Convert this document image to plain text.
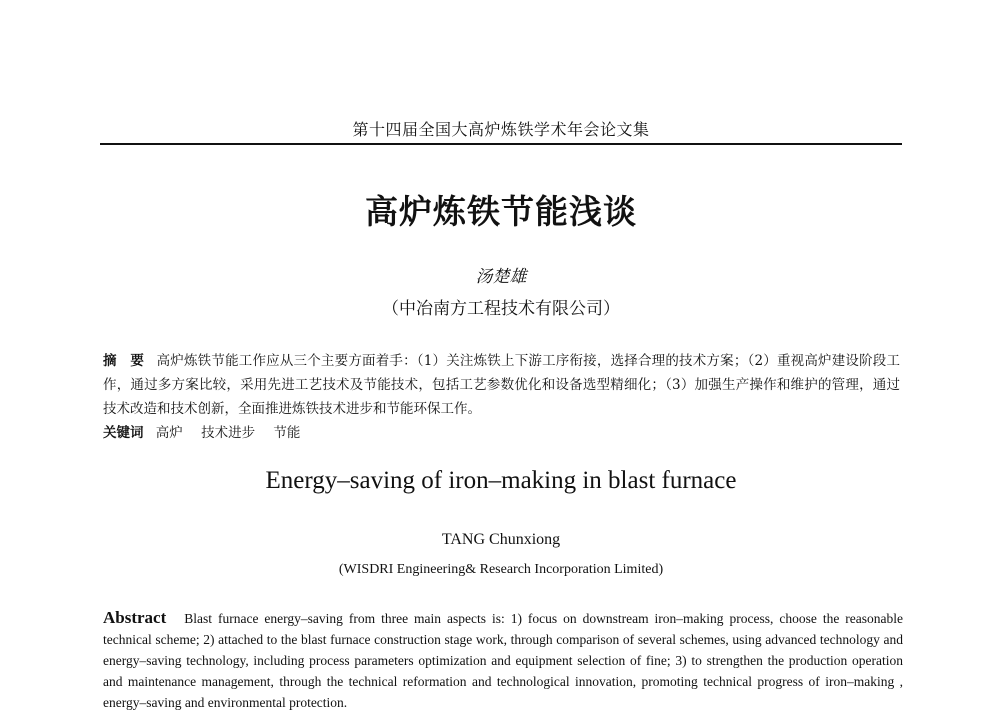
第十四届全国大高炉炼铁学术年会论文集
高炉炼铁节能浅谈
汤楚雄
（中冶南方工程技术有限公司）
摘　要 高炉炼铁节能工作应从三个主要方面着手：（1）关注炼铁上下游工序衔接，选择合理的技术方案；（2）重视高炉建设阶段工作，通过多方案比较，采用先进工艺技术及节能技术，包括工艺参数优化和设备选型精细化；（3）加强生产操作和维护的管理，通过技术改造和技术创新，全面推进炼铁技术进步和节能环保工作。
关键词 高炉 技术进步 节能
Energy–saving of iron–making in blast furnace
TANG Chunxiong
(WISDRI Engineering& Research Incorporation Limited)
Abstract Blast furnace energy–saving from three main aspects is: 1) focus on downstream iron–making process, choose the reasonable technical scheme; 2) attached to the blast furnace construction stage work, through comparison of several schemes, using advanced technology and energy–saving technology, including process parameters optimization and equipment selection of fine; 3) to strengthen the production operation and maintenance management, through the technical reformation and technological innovation, promoting technical progress of iron–making , energy–saving and environmental protection.
